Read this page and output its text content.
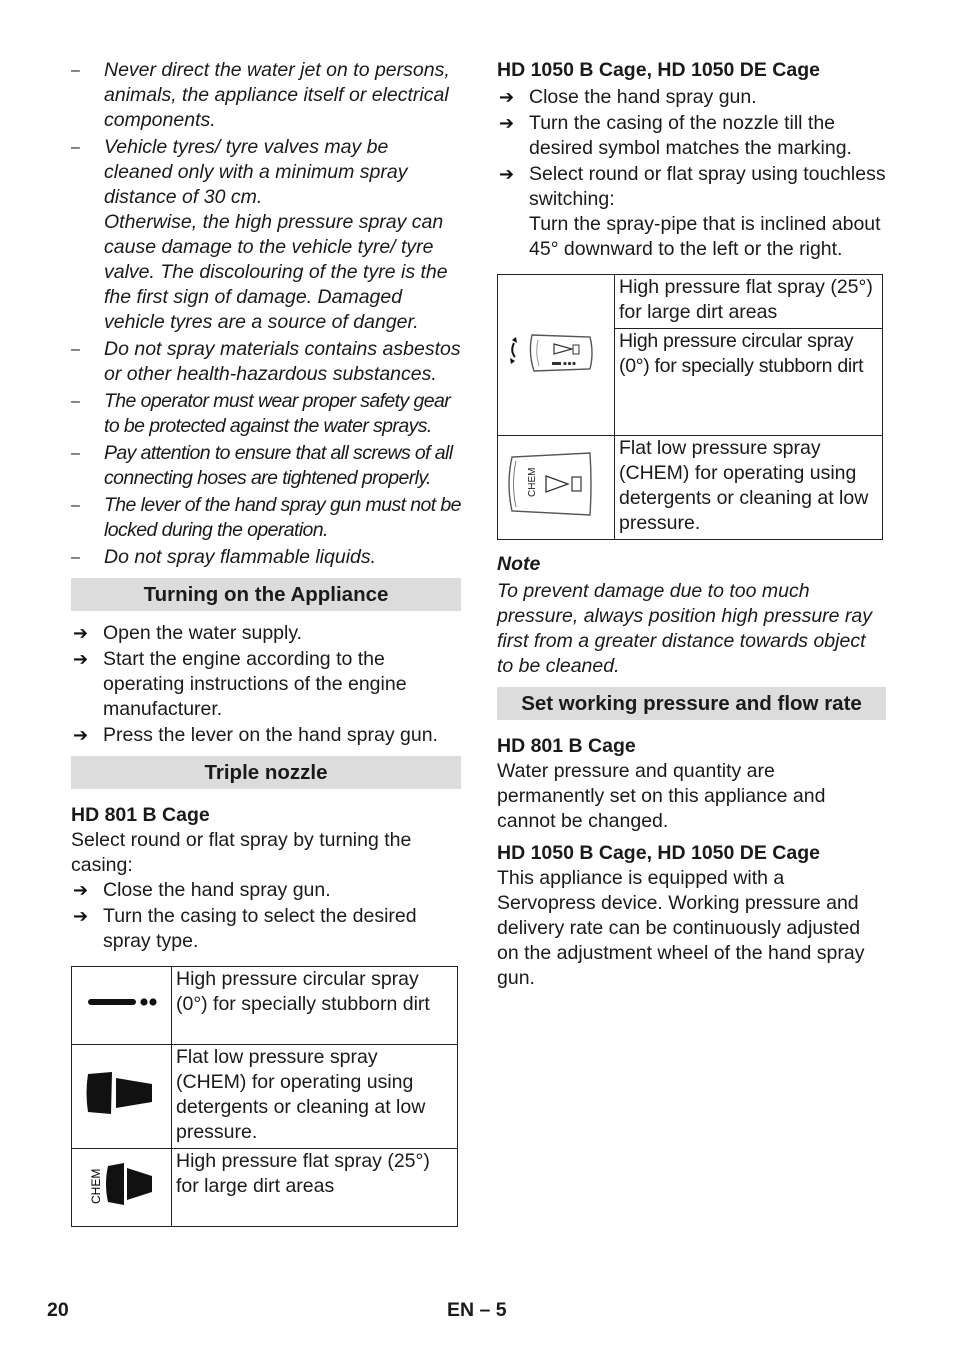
– Never direct the water jet on to persons, animals, the appliance itself or electrical components.
– Vehicle tyres/ tyre valves may be cleaned only with a minimum spray distance of 30 cm.
Otherwise, the high pressure spray can cause damage to the vehicle tyre/ tyre valve. The discolouring of the tyre is the fhe first sign of damage. Damaged vehicle tyres are a source of danger.
– Do not spray materials contains asbestos or other health-hazardous substances.
– The operator must wear proper safety gear to be protected against the water sprays.
– Pay attention to ensure that all screws of all connecting hoses are tightened properly.
– The lever of the hand spray gun must not be locked during the operation.
– Do not spray flammable liquids.
Turning on the Appliance
➔ Open the water supply.
➔ Start the engine according to the operating instructions of the engine manufacturer.
➔ Press the lever on the hand spray gun.
Triple nozzle

HD 801 B Cage

Select round or flat spray by turning the casing:

➔ Close the hand spray gun.
➔ Turn the casing to select the desired spray type.
	High pressure circular spray (0°) for specially stubborn dirt
	Flat low pressure spray (CHEM) for operating using detergents or cleaning at low pressure.

CHEM	High pressure flat spray (25°) for large dirt areas

HD 1050 B Cage, HD 1050 DE Cage

➔ Close the hand spray gun.
➔ Turn the casing of the nozzle till the desired symbol matches the marking.
➔ Select round or flat spray using touchless switching:
Turn the spray-pipe that is inclined about 45° downward to the left or the right.
	High pressure flat spray (25°) for large dirt areas
	High pressure circular spray (0°) for specially stubborn dirt

CHEM	Flat low pressure spray (CHEM) for operating using detergents or cleaning at low pressure.

Note

To prevent damage due to too much pressure, always position high pressure ray first from a greater distance towards object to be cleaned.

Set working pressure and flow rate

HD 801 B Cage

Water pressure and quantity are permanently set on this appliance and cannot be changed.

HD 1050 B Cage, HD 1050 DE Cage

This appliance is equipped with a Servopress device. Working pressure and delivery rate can be continuously adjusted on the adjustment wheel of the hand spray gun.

20	EN – 5
